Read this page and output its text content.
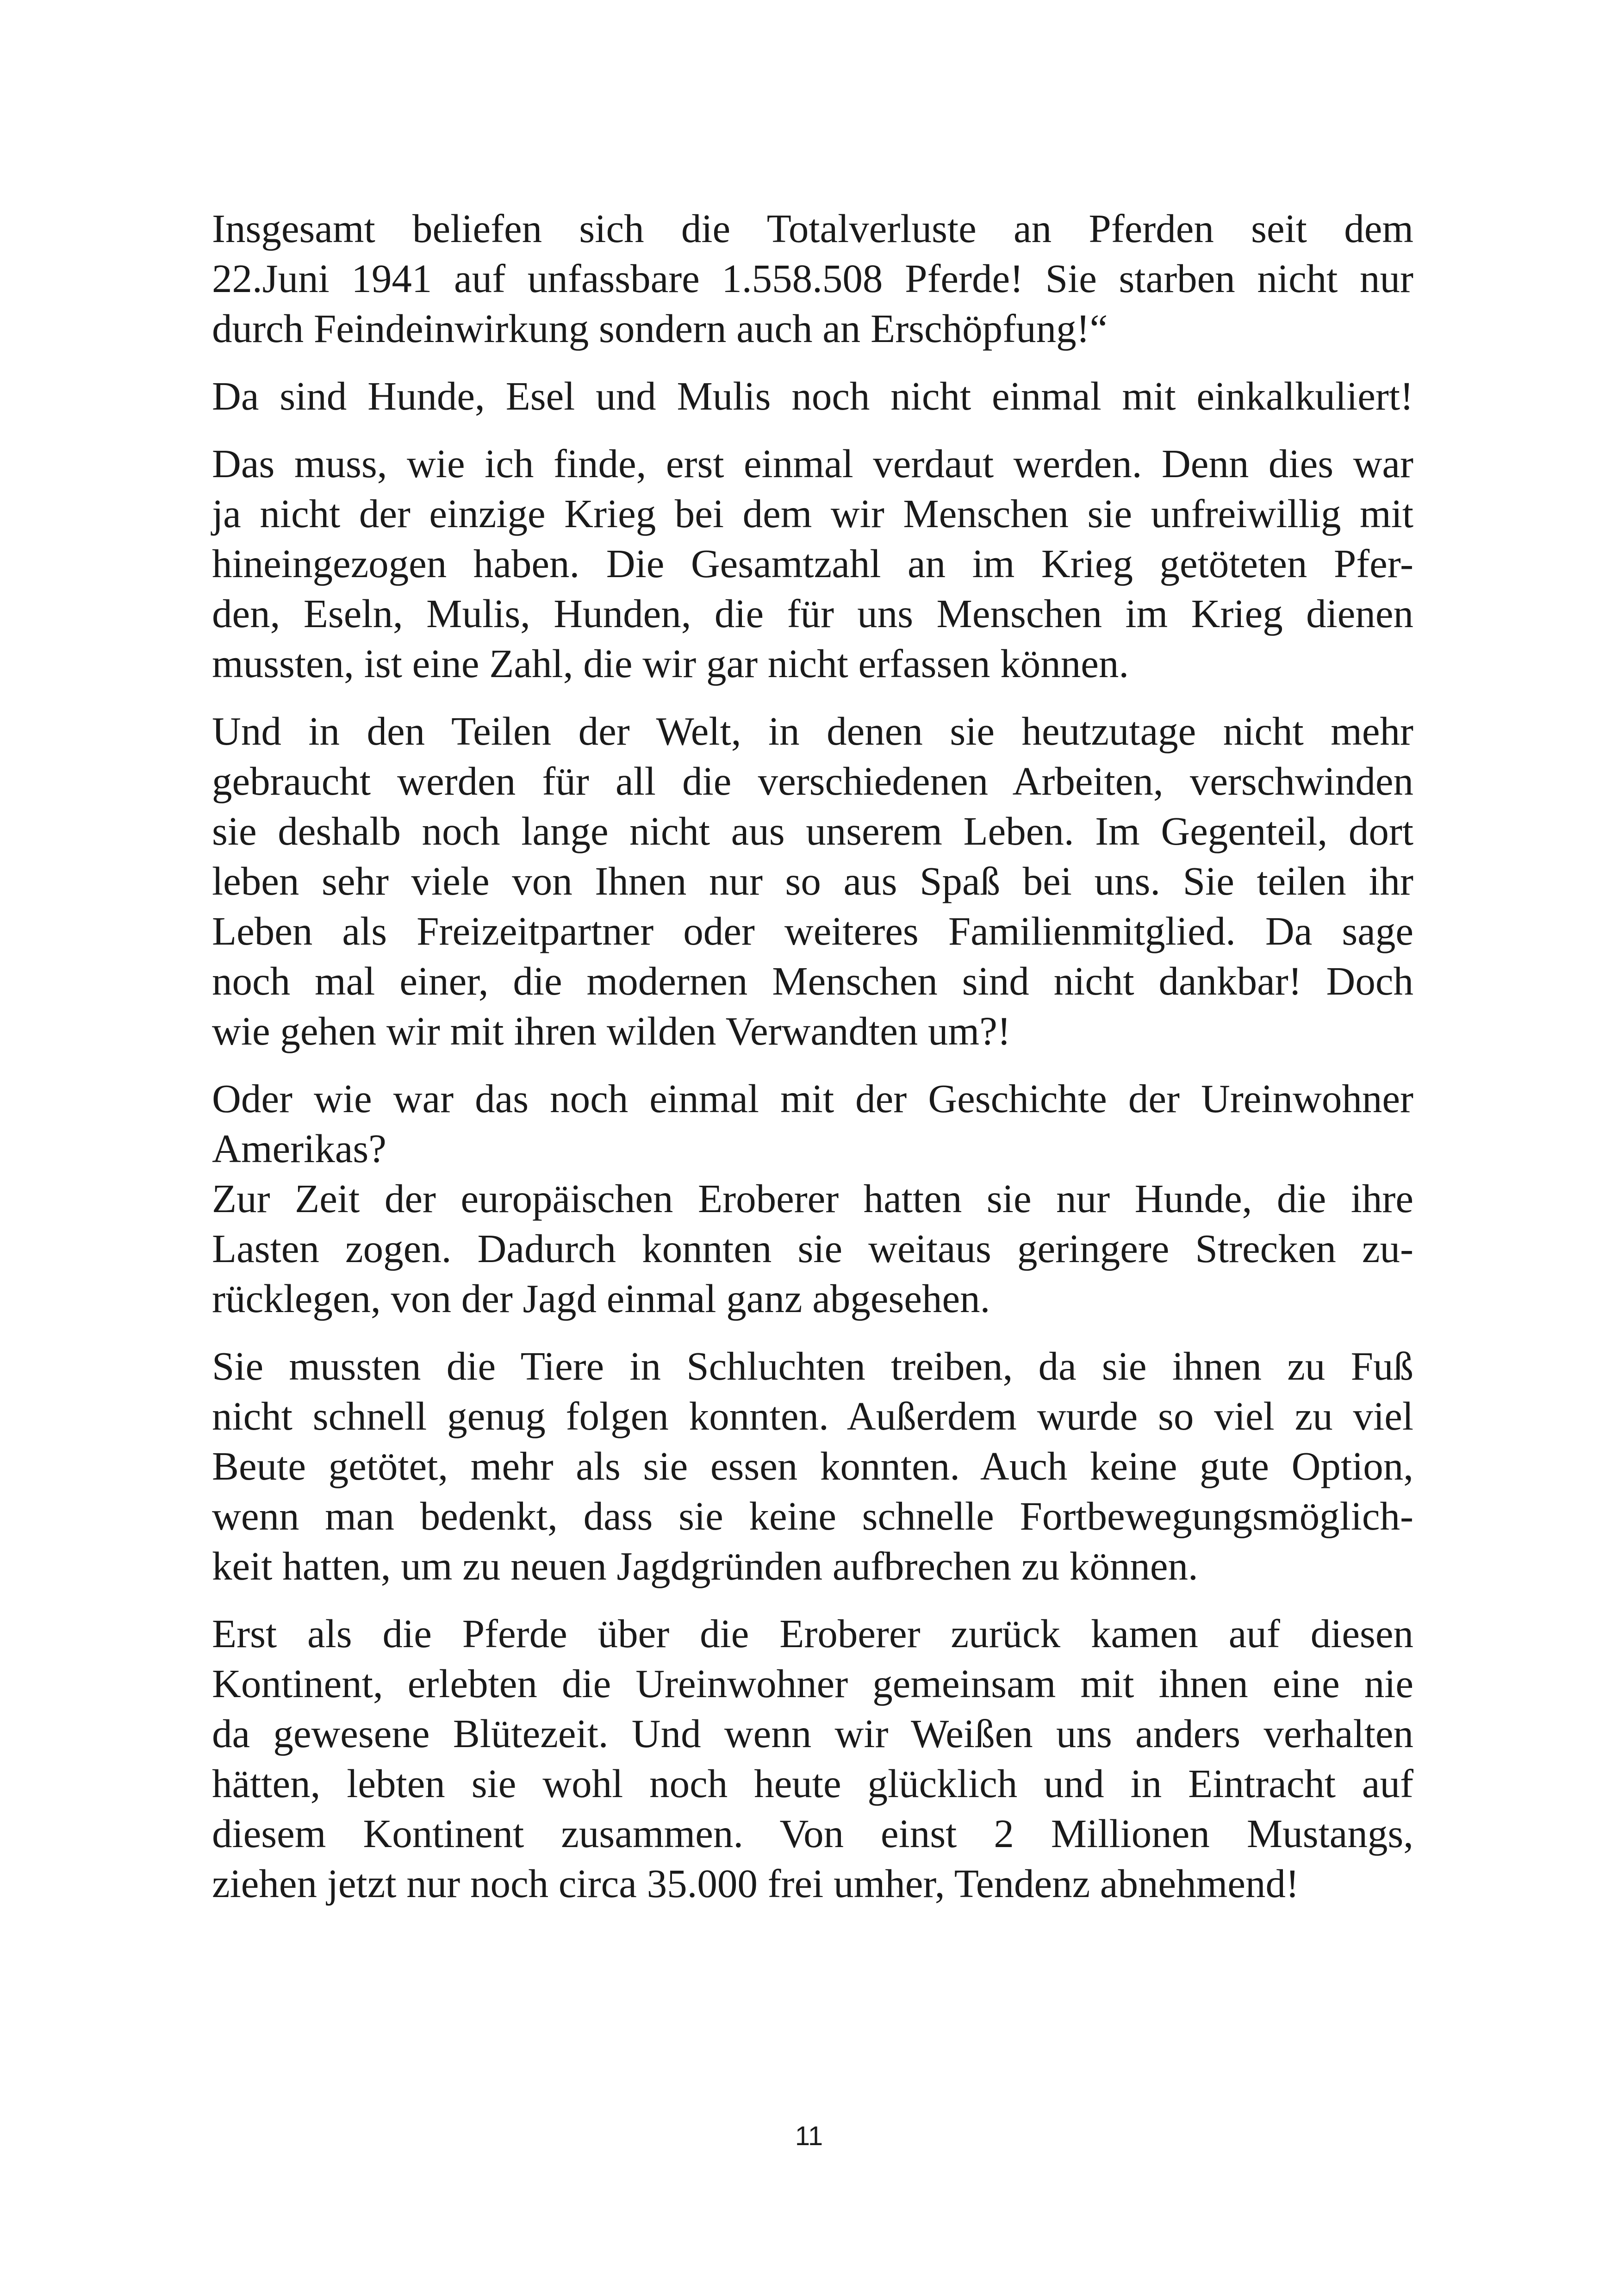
Insgesamt beliefen sich die Totalverluste an Pferden seit dem
22.Juni 1941 auf unfassbare 1.558.508 Pferde! Sie starben nicht nur
durch Feindeinwirkung sondern auch an Erschöpfung!“
Da sind Hunde, Esel und Mulis noch nicht einmal mit einkalkuliert!
Das muss, wie ich finde, erst einmal verdaut werden. Denn dies war
ja nicht der einzige Krieg bei dem wir Menschen sie unfreiwillig mit
hineingezogen haben. Die Gesamtzahl an im Krieg getöteten Pfer-
den, Eseln, Mulis, Hunden, die für uns Menschen im Krieg dienen
mussten, ist eine Zahl, die wir gar nicht erfassen können.
Und in den Teilen der Welt, in denen sie heutzutage nicht mehr
gebraucht werden für all die verschiedenen Arbeiten, verschwinden
sie deshalb noch lange nicht aus unserem Leben. Im Gegenteil, dort
leben sehr viele von Ihnen nur so aus Spaß bei uns. Sie teilen ihr
Leben als Freizeitpartner oder weiteres Familienmitglied. Da sage
noch mal einer, die modernen Menschen sind nicht dankbar! Doch
wie gehen wir mit ihren wilden Verwandten um?!
Oder wie war das noch einmal mit der Geschichte der Ureinwohner
Amerikas?
Zur Zeit der europäischen Eroberer hatten sie nur Hunde, die ihre
Lasten zogen. Dadurch konnten sie weitaus geringere Strecken zu-
rücklegen, von der Jagd einmal ganz abgesehen.
Sie mussten die Tiere in Schluchten treiben, da sie ihnen zu Fuß
nicht schnell genug folgen konnten. Außerdem wurde so viel zu viel
Beute getötet, mehr als sie essen konnten. Auch keine gute Option,
wenn man bedenkt, dass sie keine schnelle Fortbewegungsmöglich-
keit hatten, um zu neuen Jagdgründen aufbrechen zu können.
Erst als die Pferde über die Eroberer zurück kamen auf diesen
Kontinent, erlebten die Ureinwohner gemeinsam mit ihnen eine nie
da gewesene Blütezeit. Und wenn wir Weißen uns anders verhalten
hätten, lebten sie wohl noch heute glücklich und in Eintracht auf
diesem Kontinent zusammen. Von einst 2 Millionen Mustangs,
ziehen jetzt nur noch circa 35.000 frei umher, Tendenz abnehmend!
11
